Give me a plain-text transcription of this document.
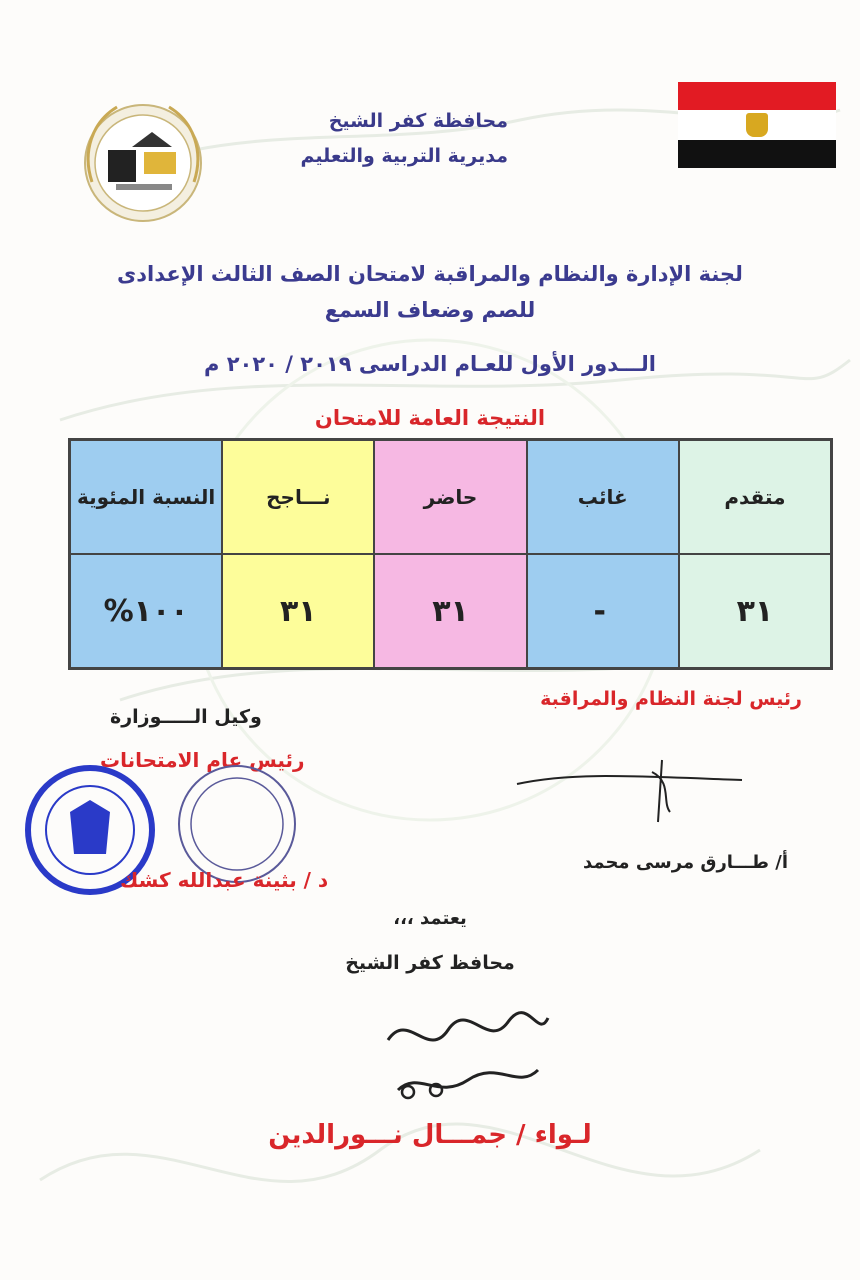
محافظة كفر الشيخ
مديرية التربية والتعليم
لجنة الإدارة والنظام والمراقبة لامتحان الصف الثالث الإعدادى
للصم وضعاف السمع
الـــدور الأول للعـام الدراسى ٢٠١٩ / ٢٠٢٠ م
النتيجة العامة للامتحان
متقدم
غائب
حاضر
نـــاجح
النسبة المئوية
٣١
-
٣١
٣١
١٠٠%
رئيس لجنة النظام والمراقبة
وكيل الـــــوزارة
رئيس عام الامتحانات
أ/ طـــارق مرسى محمد
د / بثينة عبدالله كشك
يعتمد ،،،
محافظ كفر الشيخ
لـواء / جمـــال نـــورالدين
